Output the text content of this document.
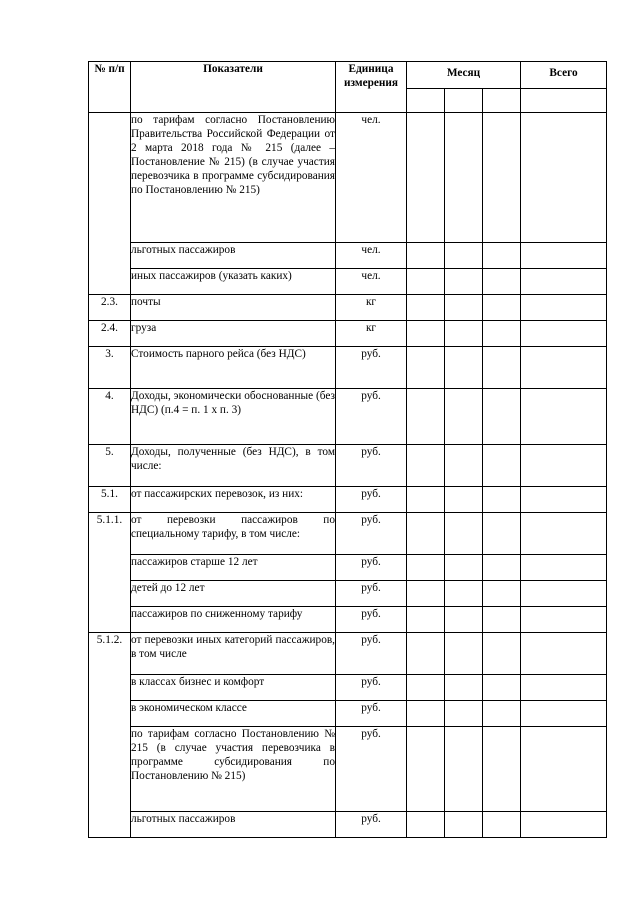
№ п/п	Показатели	Единица измерения	Месяц			Всего

	по тарифам согласно Постановлению Правительства Российской Федерации от 2 марта 2018 года № 215 (далее – Постановление № 215) (в случае участия перевозчика в программе субсидирования по Постановлению № 215)	чел.				
	льготных пассажиров	чел.				
	иных пассажиров (указать каких)	чел.				
2.3.	почты	кг				
2.4.	груза	кг				
3.	Стоимость парного рейса (без НДС)	руб.				
4.	Доходы, экономически обоснованные (без НДС) (п.4 = п. 1 x п. 3)	руб.				
5.	Доходы, полученные (без НДС), в том числе:	руб.				
5.1.	от пассажирских перевозок, из них:	руб.				
5.1.1.	от перевозки пассажиров по специальному тарифу, в том числе:	руб.				
	пассажиров старше 12 лет	руб.				
	детей до 12 лет	руб.				
	пассажиров по сниженному тарифу	руб.				
5.1.2.	от перевозки иных категорий пассажиров, в том числе	руб.				
	в классах бизнес и комфорт	руб.				
	в экономическом классе	руб.				
	по тарифам согласно Постановлению № 215 (в случае участия перевозчика в программе субсидирования по Постановлению № 215)	руб.				
	льготных пассажиров	руб.				
